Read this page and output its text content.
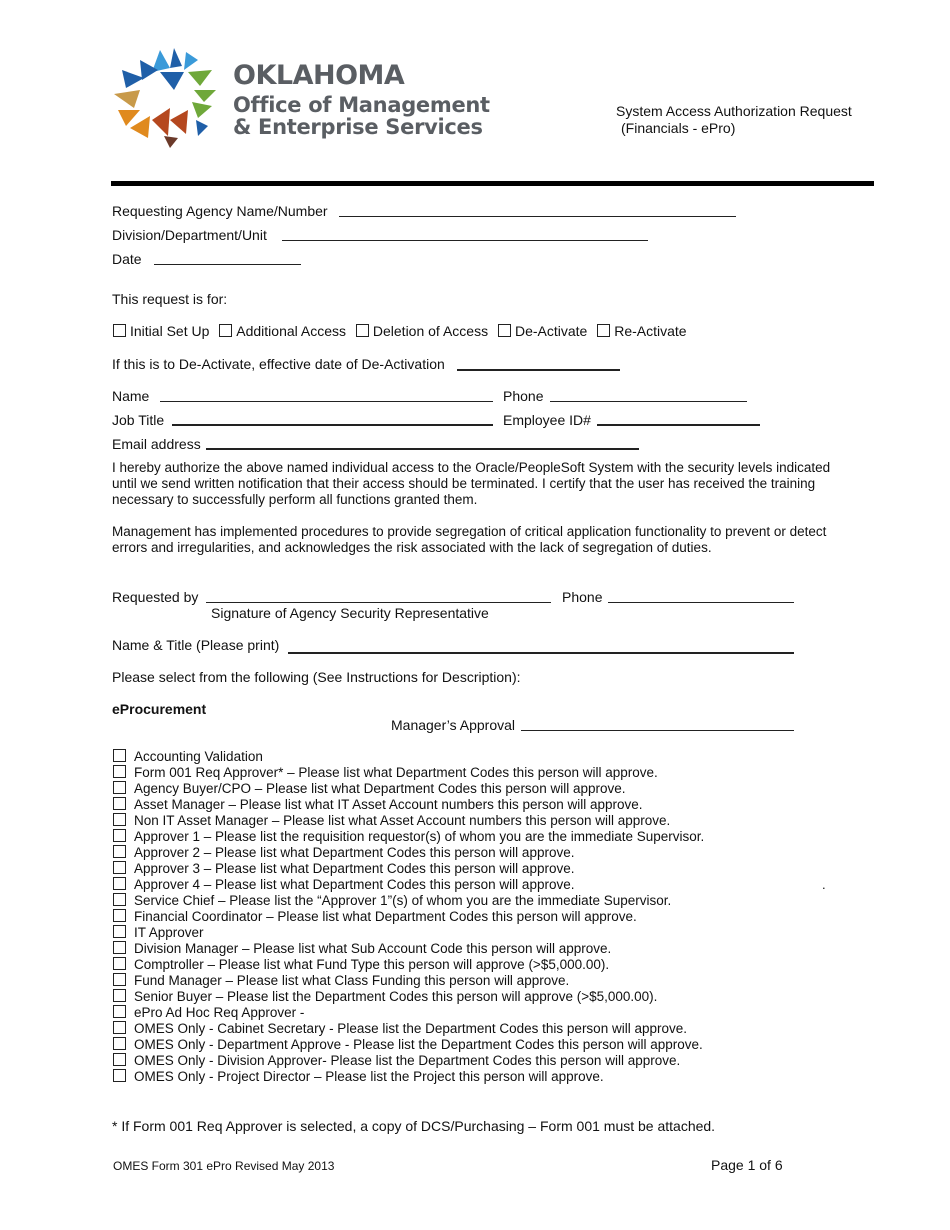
OKLAHOMA
Office of Management
& Enterprise Services
System Access Authorization Request
(Financials - ePro)
Requesting Agency Name/Number
Division/Department/Unit
Date
This request is for:
Initial Set Up Additional Access Deletion of Access De-Activate Re-Activate
If this is to De-Activate, effective date of De-Activation
Name	Phone
Job Title	Employee ID#
Email address
I hereby authorize the above named individual access to the Oracle/PeopleSoft System with the security levels indicated until we send written notification that their access should be terminated. I certify that the user has received the training necessary to successfully perform all functions granted them.
Management has implemented procedures to provide segregation of critical application functionality to prevent or detect errors and irregularities, and acknowledges the risk associated with the lack of segregation of duties.
Requested by	Phone
Signature of Agency Security Representative
Name & Title (Please print)
Please select from the following (See Instructions for Description):
eProcurement
Manager’s Approval
Accounting Validation
Form 001 Req Approver* – Please list what Department Codes this person will approve.
Agency Buyer/CPO – Please list what Department Codes this person will approve.
Asset Manager – Please list what IT Asset Account numbers this person will approve.
Non IT Asset Manager – Please list what Asset Account numbers this person will approve.
Approver 1 – Please list the requisition requestor(s) of whom you are the immediate Supervisor.
Approver 2 – Please list what Department Codes this person will approve.
Approver 3 – Please list what Department Codes this person will approve.
Approver 4 – Please list what Department Codes this person will approve.
Service Chief – Please list the “Approver 1”(s) of whom you are the immediate Supervisor.
Financial Coordinator – Please list what Department Codes this person will approve.
IT Approver
Division Manager – Please list what Sub Account Code this person will approve.
Comptroller – Please list what Fund Type this person will approve (>$5,000.00).
Fund Manager – Please list what Class Funding this person will approve.
Senior Buyer – Please list the Department Codes this person will approve (>$5,000.00).
ePro Ad Hoc Req Approver -
OMES Only - Cabinet Secretary - Please list the Department Codes this person will approve.
OMES Only - Department Approve - Please list the Department Codes this person will approve.
OMES Only - Division Approver- Please list the Department Codes this person will approve.
OMES Only - Project Director – Please list the Project this person will approve.
.
* If Form 001 Req Approver is selected, a copy of DCS/Purchasing – Form 001 must be attached.
OMES Form 301 ePro Revised May 2013	Page 1 of 6
